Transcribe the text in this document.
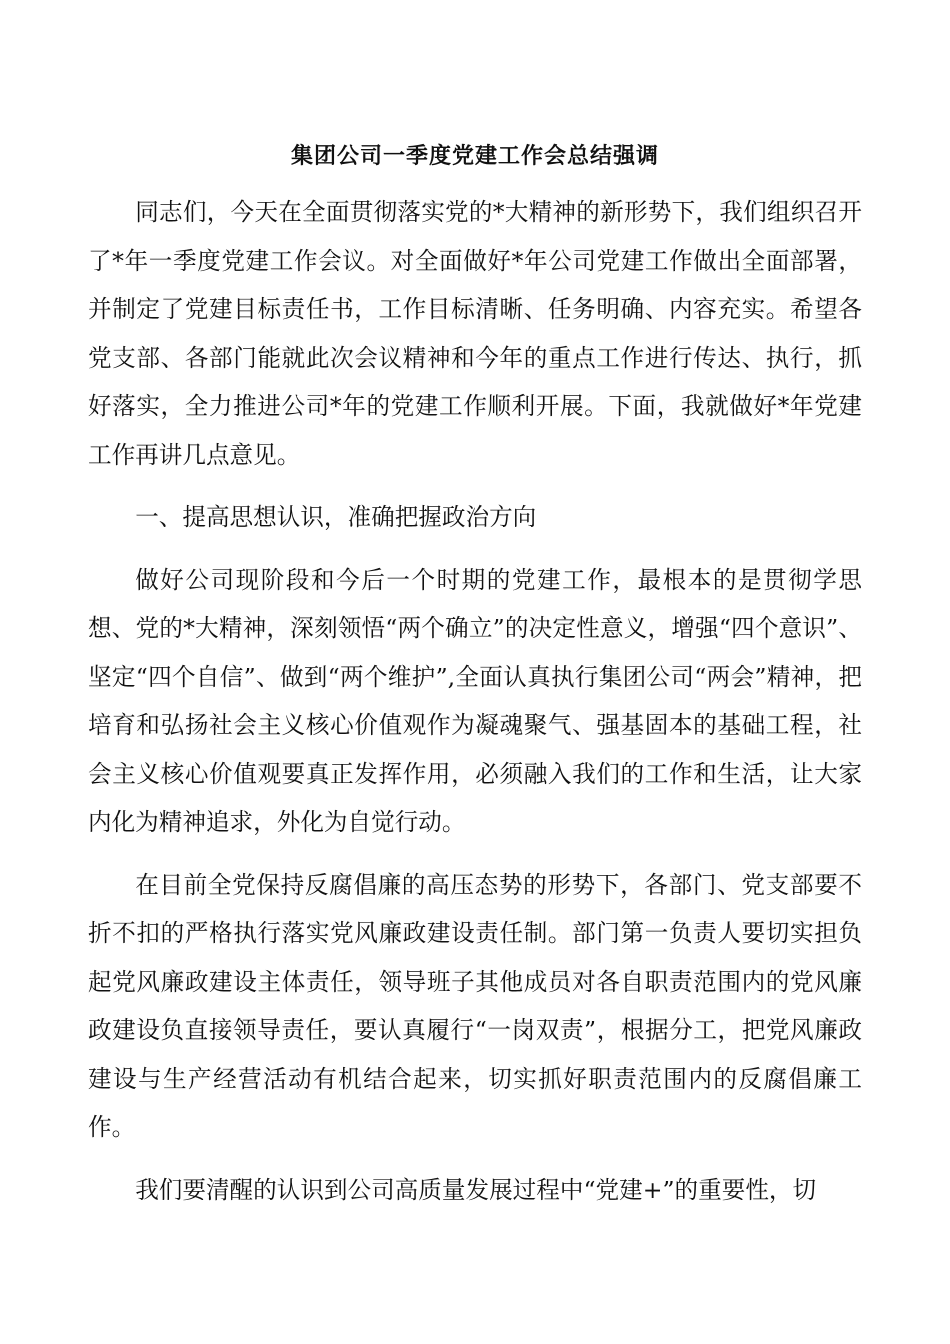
集团公司一季度党建工作会总结强调

同志们，今天在全面贯彻落实党的*大精神的新形势下，我们组织召开了*年一季度党建工作会议。对全面做好*年公司党建工作做出全面部署，并制定了党建目标责任书，工作目标清晰、任务明确、内容充实。希望各党支部、各部门能就此次会议精神和今年的重点工作进行传达、执行，抓好落实，全力推进公司*年的党建工作顺利开展。下面，我就做好*年党建工作再讲几点意见。

一、提高思想认识，准确把握政治方向

做好公司现阶段和今后一个时期的党建工作，最根本的是贯彻学思想、党的*大精神，深刻领悟“两个确立”的决定性意义，增强“四个意识”、坚定“四个自信”、做到“两个维护”,全面认真执行集团公司“两会”精神，把培育和弘扬社会主义核心价值观作为凝魂聚气、强基固本的基础工程，社会主义核心价值观要真正发挥作用，必须融入我们的工作和生活，让大家内化为精神追求，外化为自觉行动。

在目前全党保持反腐倡廉的高压态势的形势下，各部门、党支部要不折不扣的严格执行落实党风廉政建设责任制。部门第一负责人要切实担负起党风廉政建设主体责任，领导班子其他成员对各自职责范围内的党风廉政建设负直接领导责任，要认真履行“一岗双责”，根据分工，把党风廉政建设与生产经营活动有机结合起来，切实抓好职责范围内的反腐倡廉工作。

我们要清醒的认识到公司高质量发展过程中“党建+”的重要性，切
